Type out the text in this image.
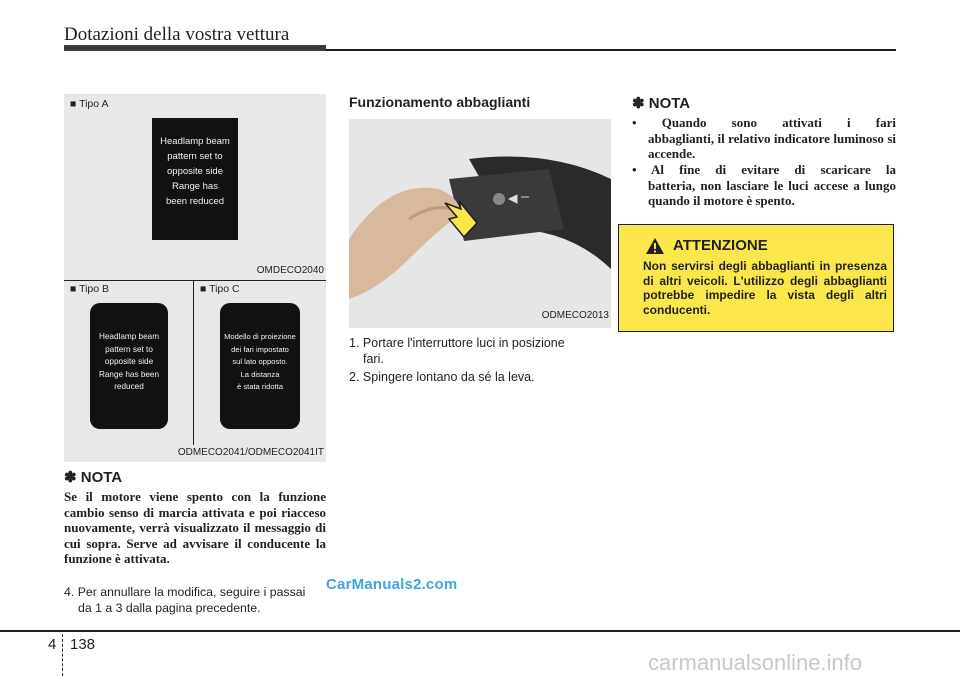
Dotazioni della vostra vettura
■ Tipo A
Headlamp beam
pattern set to
opposite side
Range has
been reduced
OMDECO2040
■ Tipo B	■ Tipo C
Headlamp beam
pattern set to
opposite side
Range has been
reduced
Modello di proiezione
dei fari impostato
sul lato opposto.
La distanza
è stata ridotta
ODMECO2041/ODMECO2041IT
✽ NOTA
Se il motore viene spento con la funzione cambio senso di marcia attivata e poi riacceso nuovamente, verrà visualizzato il messaggio di cui sopra. Serve ad avvisare il conducente la funzione è attivata.
4. Per annullare la modifica, seguire i passai
da 1 a 3 dalla pagina precedente.
Funzionamento abbaglianti
ODMECO2013
1. Portare l'interruttore luci in posizione
fari.
2. Spingere lontano da sé la leva.
✽ NOTA
• Quando sono attivati i fari
abbaglianti, il relativo indicatore luminoso si accende.
• Al fine di evitare di scaricare la
batteria, non lasciare le luci accese a lungo quando il motore è spento.
ATTENZIONE
Non servirsi degli abbaglianti in presenza di altri veicoli. L'utilizzo degli abbaglianti potrebbe impedire la vista degli altri conducenti.
4 138
CarManuals2.com
carmanualsonline.info
